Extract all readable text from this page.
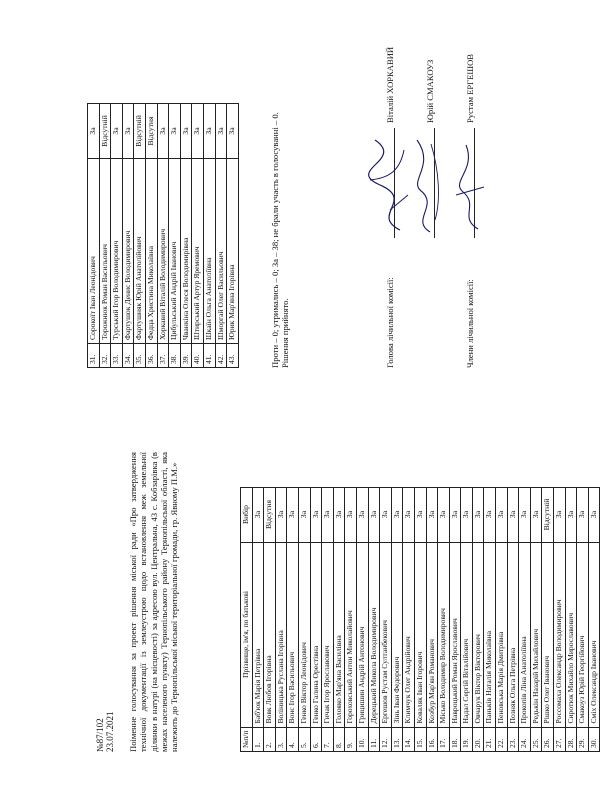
№87/102 23.07.2021 Поіменне голосування за проект рішення міської ради «Про затвердження технічної документації із землеустрою щодо встановлення меж земельної ділянки в натурі (на місцевості) за адресою вул. Центральна, 43 с. Кобзарівка (в межах населеного пункту) Тернопільського району Тернопільської області, яка належить до Тернопільської міської територіальної громади, гр. Явному П.М.»	№п/п	Прізвище, ім'я, по батькові	Вибір
1.	Баб'юк Марія Петрівна	За
2.	Вовк Любов Ігорівна	Відсутня
3.	Воліницька Руслана Ігорівна	За
4.	Вонс Ігор Васильович	За
5.	Генко Віктор Леонідович	За
6.	Генко Галина Орестівна	За
7.	Гичак Ігор Ярославович	За
8.	Голояко Мар'яна Василівна	За
9.	Гороховський Антон Миколайович	За
10.	Грицишин Андрій Антонович	За
11.	Дерецький Микола Володимирович	За
12.	Ергешов Рустам Султанбекович	За
13.	Зінь Іван Федорович	За
14.	Климчук Олег Андрійович	За
15.	Коваляк Іван Ігорович	За
16.	Козбур Мар'ян Романович	За
17.	Місько Володимир Володимирович	За
18.	Навроцький Роман Ярославович	За
19.	Надал Сергій Віталійович	За
20.	Овчарук Віктор Вікторович	За
21.	Паньків Наталія Миколаївна	За
22.	Пеновська Марія Дмитрівна	За
23.	Позняк Ольга Петрівна	За
24.	Прокопів Ліна Анатоліївна	За
25.	Редькін Назарій Михайлович	За
26.	Рішко Олег Іванович	Відсутній
27.	Россомаха Олександр Володимирович	За
28.	Сиротюк Михайло Мирославович	За
29.	Смакоуз Юрій Георгійович	За
30.	Сміх Олександр Іванович	За
31.	Сорокоїт Іван Леонідович	За
32.	Торожнюк Роман Васильович	Відсутній
33.	Турський Ігор Володимирович	За
34.	Фартушок Денис Володимирович	За
35.	Фартушняк Юрій Анатолійович	Відсутній
36.	Федца Христина Миколаївна	Відсутня
37.	Хоркавий Віталій Володимирович	За
38.	Цибульський Андрій Іванович	За
39.	Чванкіна Олеся Володимирівна	За
40.	Штирський Артур Яремович	За
41.	Шкаїн Ольга Анатоліївна	За
42.	Шморгай Олег Васильович	За
43.	Юрик Мар'яна Ігорівна	За	Проти – 0; утримались – 0; За – 38; не брали участь в голосуванні – 0. Рішення прийнято.	Голова лічильної комісії:
Віталій ХОРКАВИЙ	Юрій СМАКОУЗ
Члени лічильної комісії:
Рустам ЕРГЕШОВ
